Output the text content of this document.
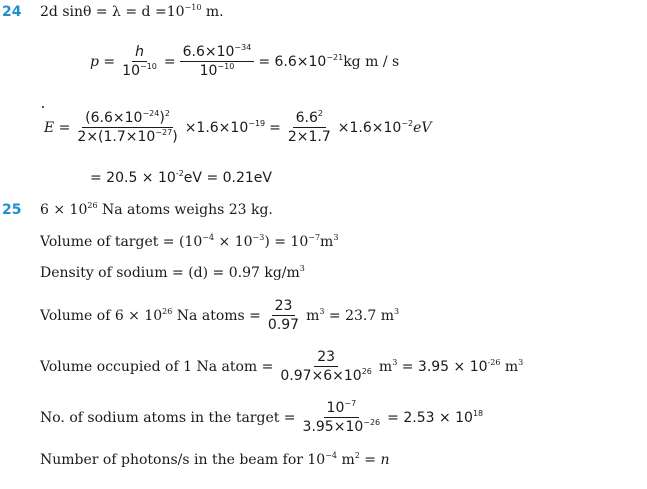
24 2d $\sin\theta = \lambda = d =10^{-10}$ m.
$p = \frac{h}{10^{-10}} = \frac{6.6\times 10^{-34}}{10^{-10}} = 6.6\times 10^{-21}kg$ m / s
$E = \frac{(6.6\times 10^{-24})^2}{2\times(1.7\times 10^{-27})} \times 1.6\times 10^{-19} = \frac{6.6^2}{2\times 1.7} \times 1.6\times 10^{-2}eV$
= $20.5 \times 10^{-2}eV = 0.21eV$
25 $6 \times 10^{26}$ Na atoms weighs 23 kg.
Volume of target = $(10^{-4} \times 10^{-3}) = 10^{-7}m^3$
Density of sodium = (d) = 0.97 $kg/m^3$
Volume of $6 \times 10^{26}$ Na atoms = $\frac{23}{0.97} m^3 = 23.7$ $m^3$
Volume occupied of 1 Na atom = $\frac{23}{0.97\times 6\times 10^{26}} m^3 = 3.95 \times 10^{-26}$ $m^3$
No. of sodium atoms in the target = $\frac{10^{-7}}{3.95\times 10^{-26}} = 2.53 \times 10^{18}$
Number of photons/s in the beam for $10^{-4}$ $m^2 = n$
